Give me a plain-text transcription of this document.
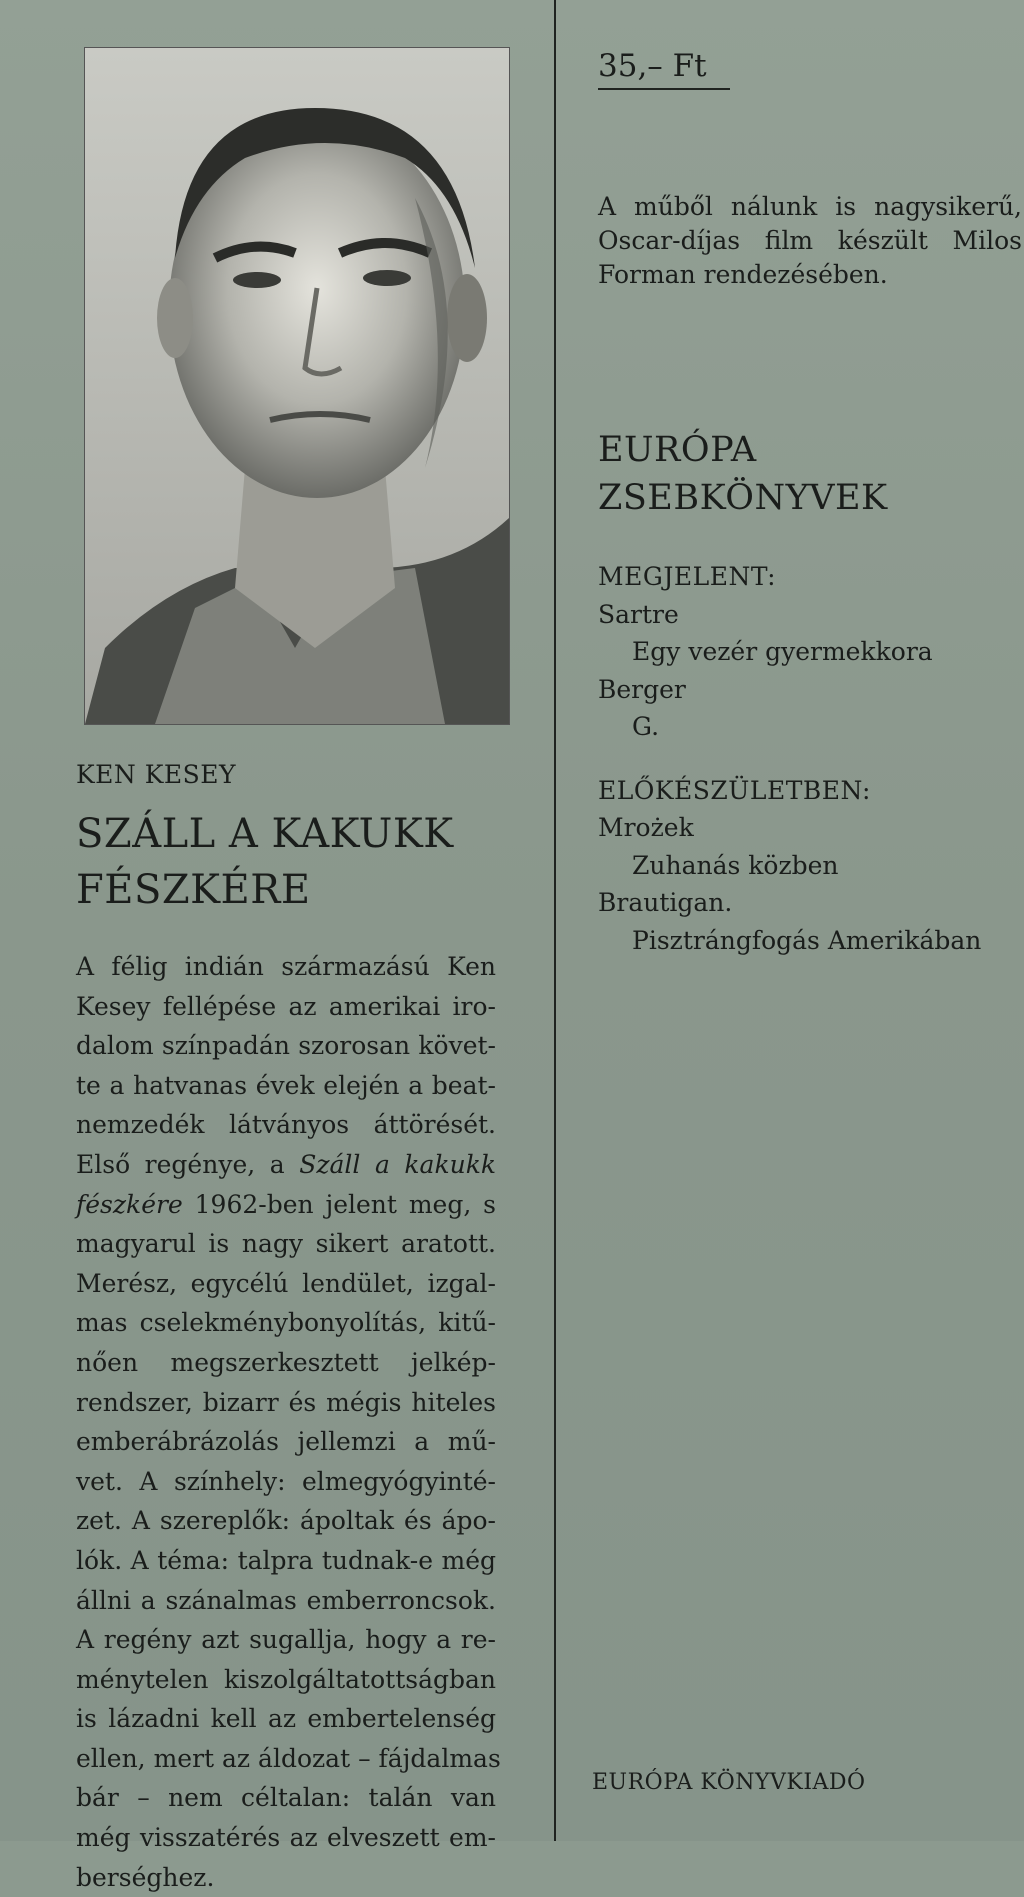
KEN KESEY
SZÁLL A KAKUKK
FÉSZKÉRE
A félig indián származású Ken
Kesey fellépése az amerikai iro-
dalom színpadán szorosan követ-
te a hatvanas évek elején a beat-
nemzedék látványos áttörését.
Első regénye, a Száll a kakukk
fészkére 1962-ben jelent meg, s
magyarul is nagy sikert aratott.
Merész, egycélú lendület, izgal-
mas cselekménybonyolítás, kitű-
nően megszerkesztett jelkép-
rendszer, bizarr és mégis hiteles
emberábrázolás jellemzi a mű-
vet. A színhely: elmegyógyinté-
zet. A szereplők: ápoltak és ápo-
lók. A téma: talpra tudnak-e még
állni a szánalmas emberroncsok.
A regény azt sugallja, hogy a re-
ménytelen kiszolgáltatottságban
is lázadni kell az embertelenség
ellen, mert az áldozat – fájdalmas
bár – nem céltalan: talán van
még visszatérés az elveszett em-
berséghez.
35,– Ft
A műből nálunk is nagysikerű,
Oscar-díjas film készült Milos
Forman rendezésében.
EURÓPA
ZSEBKÖNYVEK
MEGJELENT:
Sartre
Egy vezér gyermekkora
Berger
G.
ELŐKÉSZÜLETBEN:
Mrożek
Zuhanás közben
Brautigan.
Pisztrángfogás Amerikában
EURÓPA KÖNYVKIADÓ
